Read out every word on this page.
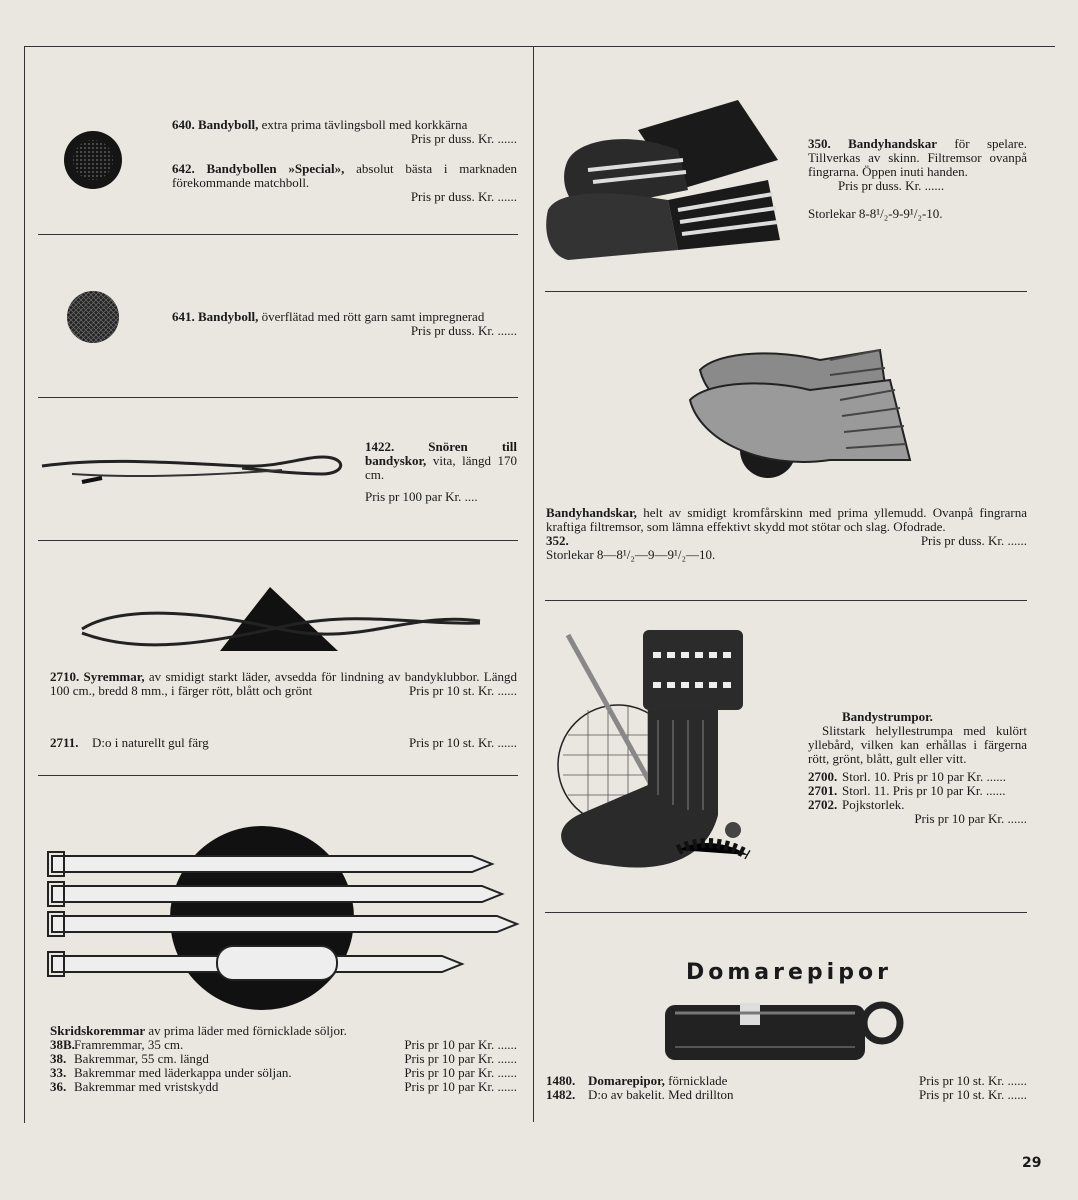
640. Bandyboll, extra prima tävlingsboll med korkkärna
Pris pr duss. Kr. ......
642. Bandybollen »Special», absolut bästa i marknaden förekommande matchboll.
Pris pr duss. Kr. ......
641. Bandyboll, överflätad med rött garn samt impregnerad
Pris pr duss. Kr. ......
1422.	Snören till bandyskor, vita, längd 170 cm.
Pris pr 100 par Kr. ....
2710. Syremmar, av smidigt starkt läder, avsedda för lindning av bandyklubbor. Längd 100 cm., bredd 8 mm., i färger rött, blått och grönt	Pris pr 10 st. Kr. ......
2711.	D:o i naturellt gul färg	Pris pr 10 st. Kr. ......
Skridskoremmar av prima läder med förnicklade söljor.
38B. Framremmar, 35 cm.	Pris pr 10 par Kr. ......
38. Bakremmar, 55 cm. längd	Pris pr 10 par Kr. ......
33. Bakremmar med läderkappa under söljan.	Pris pr 10 par Kr. ......
36. Bakremmar med vristskydd	Pris pr 10 par Kr. ......
350. Bandyhandskar för spelare. Tillverkas av skinn. Filtremsor ovanpå fingrarna. Öppen inuti handen.
Pris pr duss. Kr. ......
Storlekar 8-8¹/₂-9-9¹/₂-10.
Bandyhandskar, helt av smidigt kromfårskinn med prima yllemudd. Ovanpå fingrarna kraftiga filtremsor, som lämna effektivt skydd mot stötar och slag. Ofodrade.
352.	Pris pr duss. Kr. ......
Storlekar 8—8¹/₂—9—9¹/₂—10.
Bandystrumpor.
Slitstark helyllestrumpa med kulört yllebård, vilken kan erhållas i färgerna rött, grönt, blått, gult eller vitt.
2700. Storl. 10. Pris pr 10 par Kr. ......
2701. Storl. 11. Pris pr 10 par Kr. ......
2702. Pojkstorlek.
Pris pr 10 par Kr. ......
Domarepipor
1480. Domarepipor, förnicklade	Pris pr 10 st. Kr. ......
1482. D:o av bakelit. Med drillton	Pris pr 10 st. Kr. ......
29
